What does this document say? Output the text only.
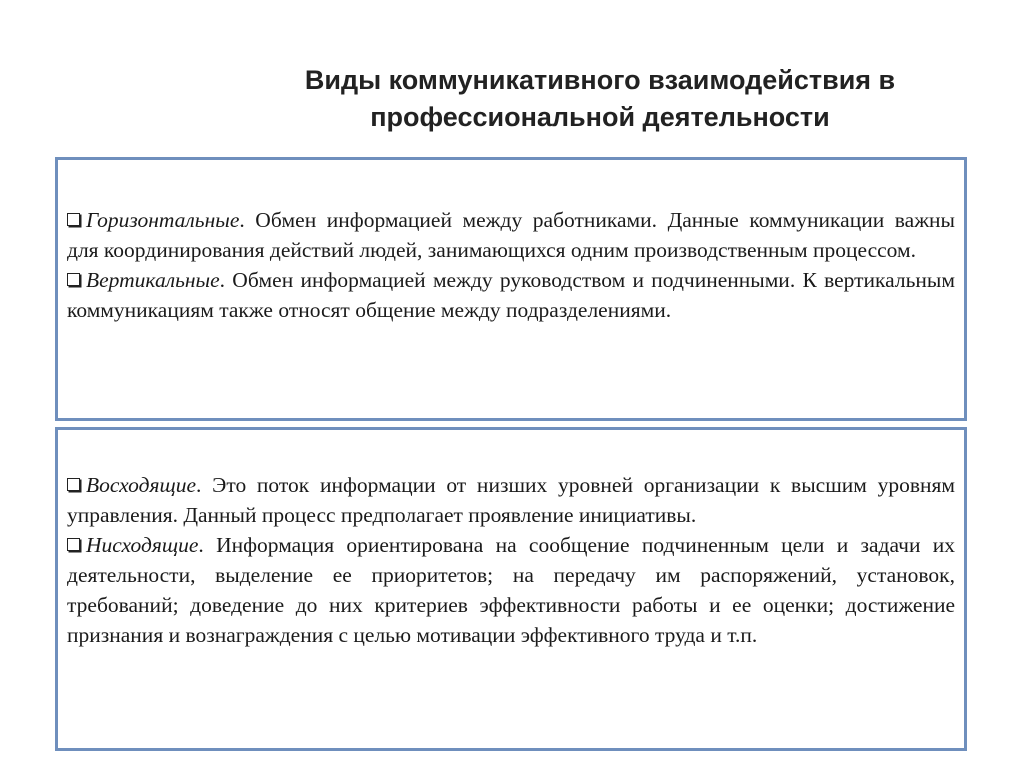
Виды коммуникативного взаимодействия в
профессиональной деятельности

Горизонтальные. Обмен информацией между работниками. Данные коммуникации важны для координирования действий людей, занимающихся одним производственным процессом.

Вертикальные. Обмен информацией между руководством и подчиненными. К вертикальным коммуникациям также относят общение между подразделениями.

Восходящие. Это поток информации от низших уровней организации к высшим уровням управления. Данный процесс предполагает проявление инициативы.

Нисходящие. Информация ориентирована на сообщение подчиненным цели и задачи их деятельности, выделение ее приоритетов; на передачу им распоряжений, установок, требований; доведение до них критериев эффективности работы и ее оценки; достижение признания и вознаграждения с целью мотивации эффективного труда и т.п.
